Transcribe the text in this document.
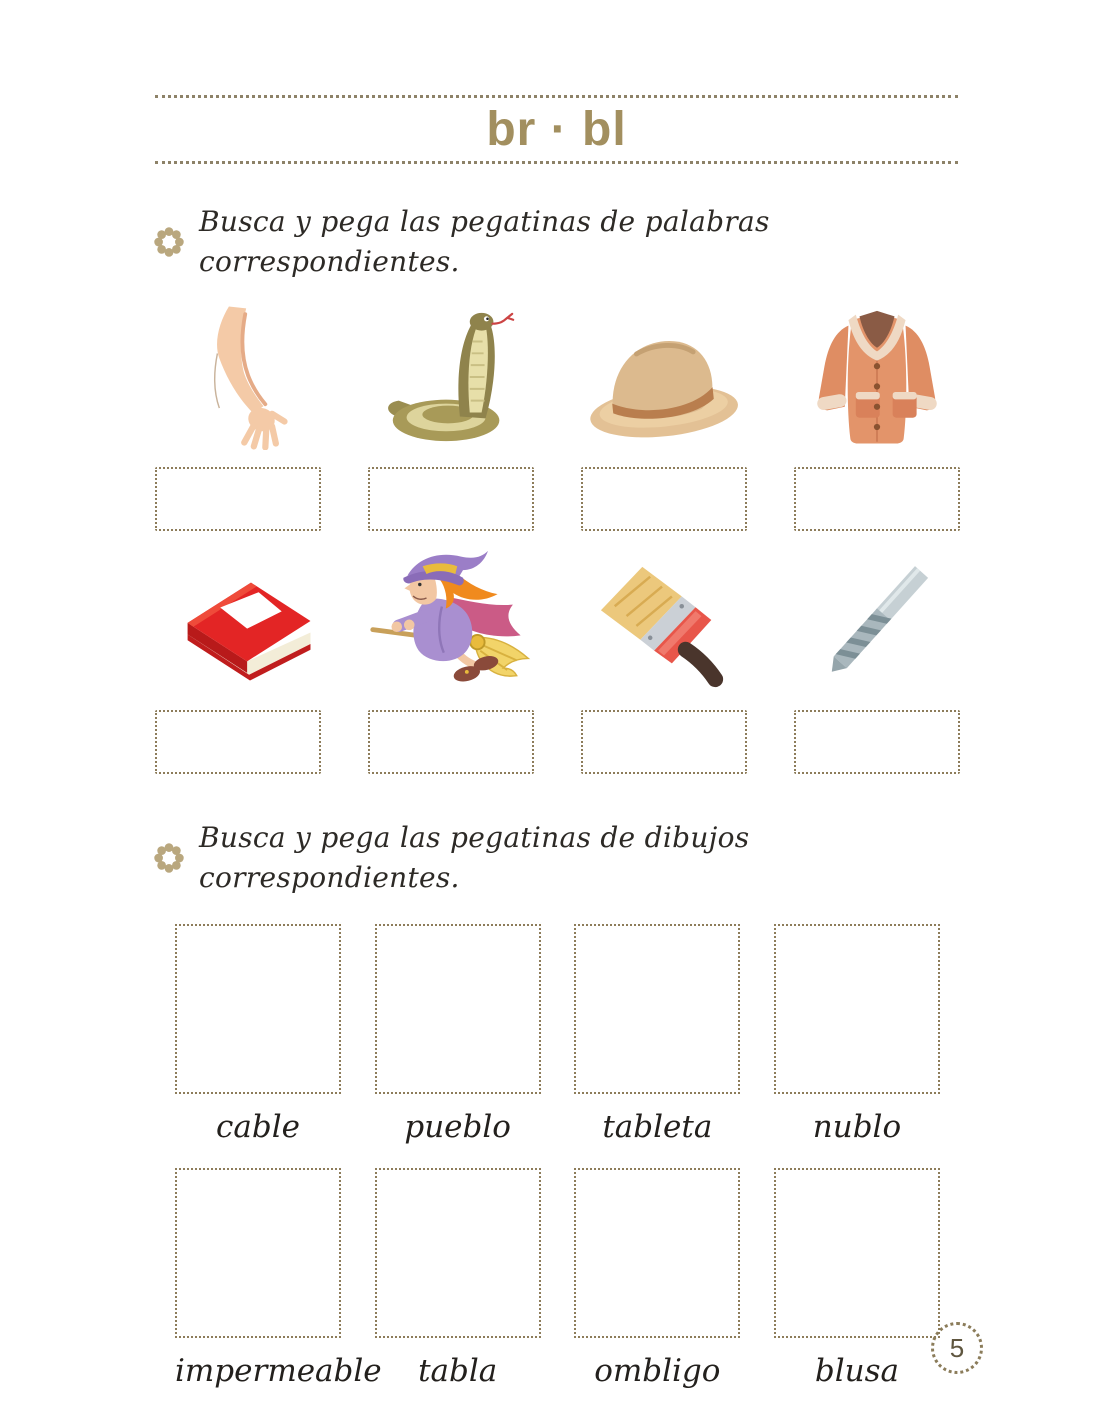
br · bl
Busca y pega las pegatinas de palabras correspondientes.
Busca y pega las pegatinas de dibujos correspondientes.
cable	pueblo	tableta	nublo
impermeable	tabla	ombligo	blusa
5
